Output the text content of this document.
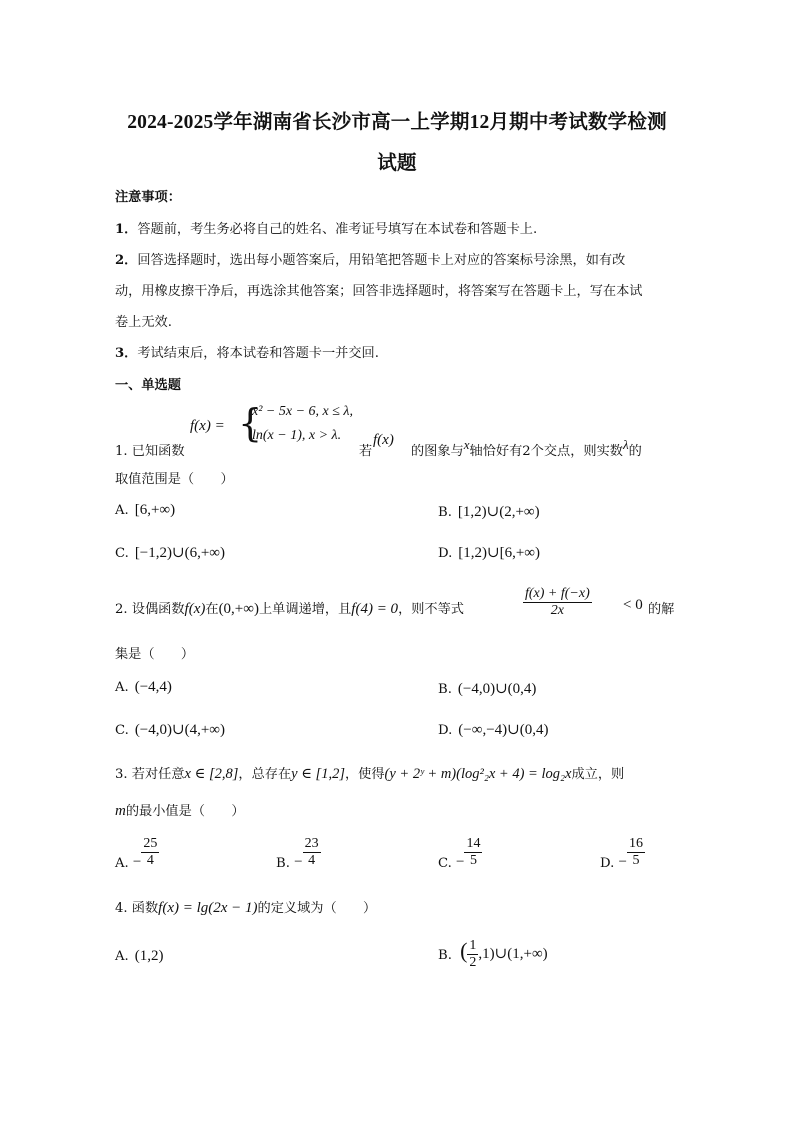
2024-2025学年湖南省长沙市高一上学期12月期中考试数学检测
试题
注意事项：
1．答题前，考生务必将自己的姓名、准考证号填写在本试卷和答题卡上.
2．回答选择题时，选出每小题答案后，用铅笔把答题卡上对应的答案标号涂黑，如有改
动，用橡皮擦干净后，再选涂其他答案；回答非选择题时，将答案写在答题卡上，写在本试
卷上无效.
3．考试结束后，将本试卷和答题卡一并交回.
一、单选题
f(x) = {
x² − 5x − 6, x ≤ λ,
ln(x − 1), x > λ.
1. 已知函数	若
f(x)
的图象与x轴恰好有2个交点，则实数λ的
取值范围是（　　）
A. [6,+∞)	B. [1,2)∪(2,+∞)
C. [−1,2)∪(6,+∞)	D. [1,2)∪[6,+∞)
2. 设偶函数f(x)在(0,+∞)上单调递增，且f(4) = 0，则不等式	$\frac{f(x) + f(-x)}{2x} < 0$ 的解
集是（　　）
A. (−4,4)	B. (−4,0)∪(0,4)
C. (−4,0)∪(4,+∞)	D. (−∞,−4)∪(0,4)
3. 若对任意x ∈ [2,8]，总存在y ∈ [1,2]，使得(y + 2ʸ + m)(log²₂x + 4) = log₂x成立，则
m的最小值是（　　）
A. − $\frac{25}{4}$	B. − $\frac{23}{4}$	C. − $\frac{14}{5}$	D. − $\frac{16}{5}$
4. 函数f(x) = lg(2x − 1)的定义域为（　　）
A. (1,2)	B. ( $\frac{1}{2}$ ,1)∪(1,+∞)
